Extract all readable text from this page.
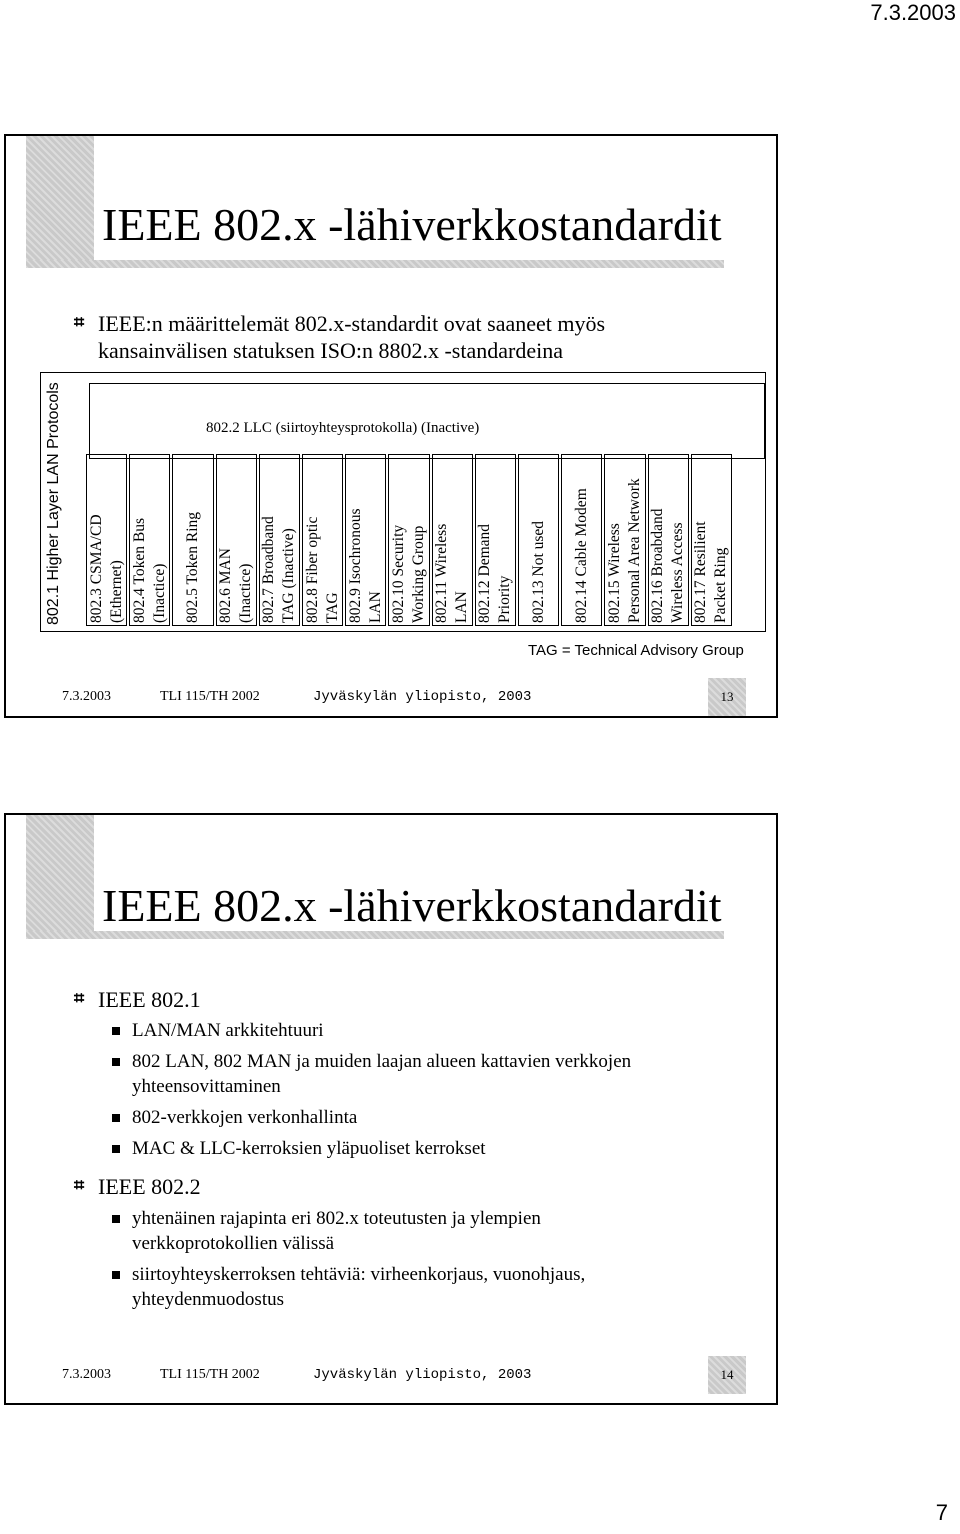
7.3.2003
IEEE 802.x -lähiverkkostandardit
⌗ IEEE:n määrittelemät 802.x-standardit ovat saaneet myös
kansainvälisen statuksen ISO:n 8802.x -standardeina
802.1 Higher Layer LAN Protocols	802.2 LLC (siirtoyhteysprotokolla) (Inactive)
802.3 CSMA/CD (Ethernet) 802.4 Token Bus (Inactice) 802.5 Token Ring 802.6 MAN (Inactice) 802.7 Broadband TAG (Inactive) 802.8 Fiber optic TAG 802.9 Isochronous LAN 802.10 Security Working Group 802.11 Wireless LAN 802.12 Demand Priority 802.13 Not used 802.14 Cable Modem 802.15 Wireless Personal Area Network 802.16 Broabdand Wireless Access 802.17 Resilient Packet Ring
TAG = Technical Advisory Group
7.3.2003	TLI 115/TH 2002	Jyväskylän yliopisto, 2003	13
IEEE 802.x -lähiverkkostandardit
⌗ IEEE 802.1
LAN/MAN arkkitehtuuri
802 LAN, 802 MAN ja muiden laajan alueen kattavien verkkojen
yhteensovittaminen
802-verkkojen verkonhallinta
MAC & LLC-kerroksien yläpuoliset kerrokset
⌗ IEEE 802.2
yhtenäinen rajapinta eri 802.x toteutusten ja ylempien
verkkoprotokollien välissä
siirtoyhteyskerroksen tehtäviä: virheenkorjaus, vuonohjaus,
yhteydenmuodostus
7.3.2003	TLI 115/TH 2002	Jyväskylän yliopisto, 2003	14
7
